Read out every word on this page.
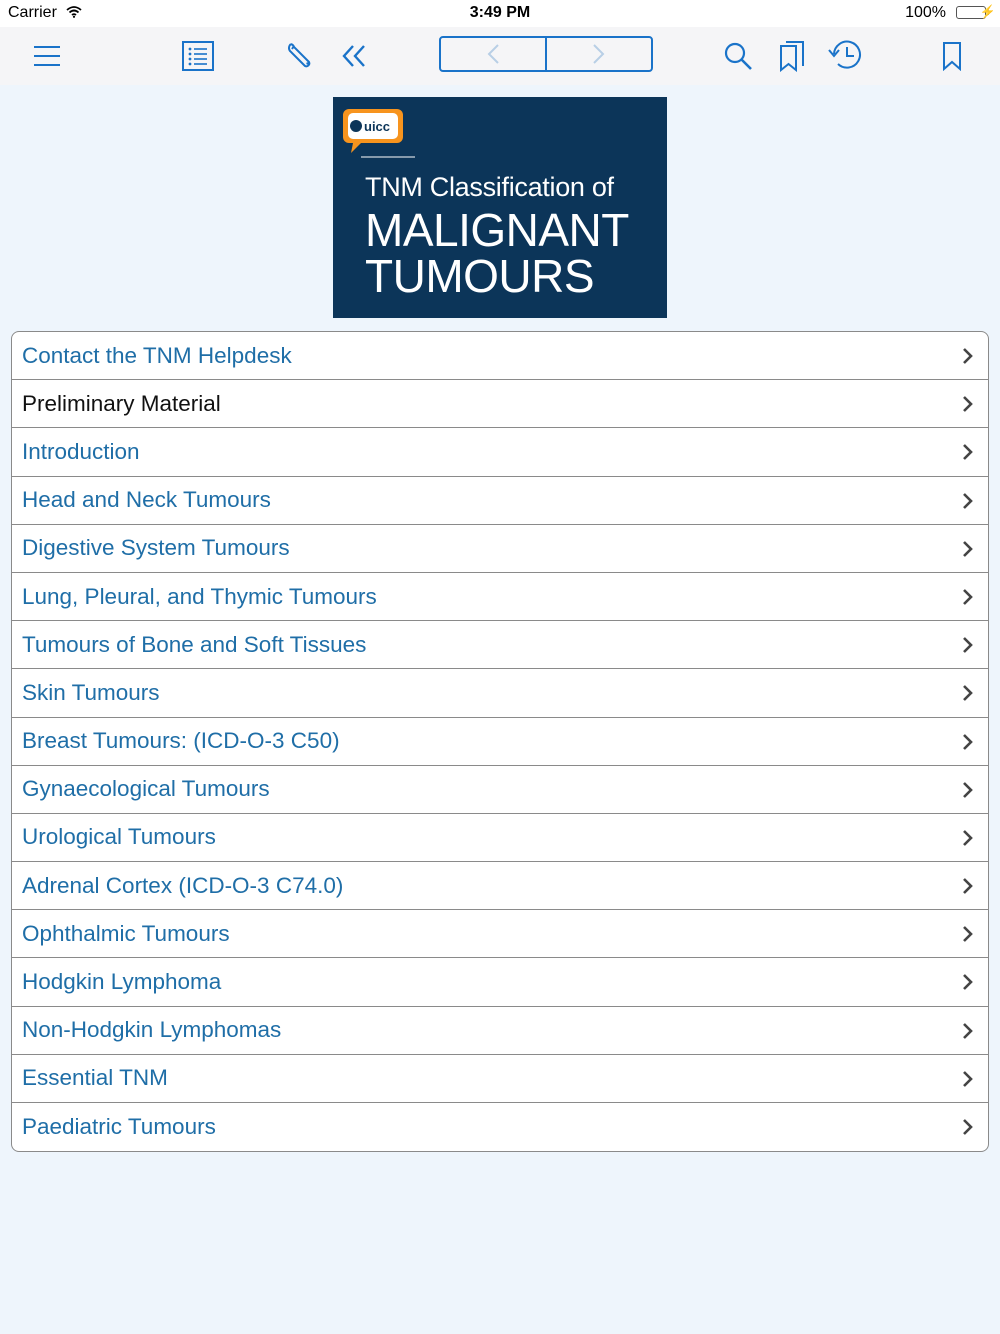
Carrier	3:49 PM	100%	⚡
uicc
TNM Classification of
MALIGNANT
TUMOURS
Contact the TNM Helpdesk
Preliminary Material
Introduction
Head and Neck Tumours
Digestive System Tumours
Lung, Pleural, and Thymic Tumours
Tumours of Bone and Soft Tissues
Skin Tumours
Breast Tumours: (ICD-O-3 C50)
Gynaecological Tumours
Urological Tumours
Adrenal Cortex (ICD-O-3 C74.0)
Ophthalmic Tumours
Hodgkin Lymphoma
Non-Hodgkin Lymphomas
Essential TNM
Paediatric Tumours
